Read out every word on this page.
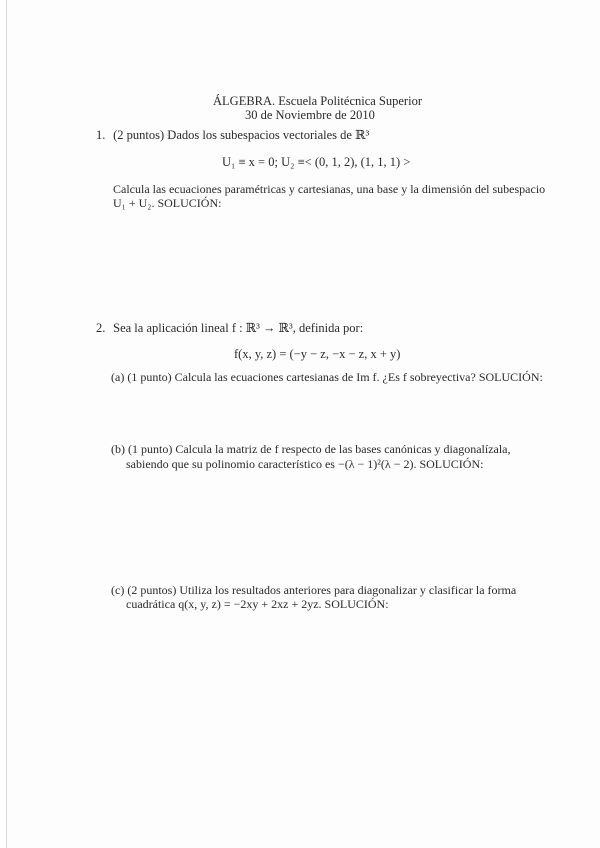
ÁLGEBRA. Escuela Politécnica Superior
30 de Noviembre de 2010
1. (2 puntos) Dados los subespacios vectoriales de ℝ³
U₁ ≡ x = 0; U₂ ≡< (0, 1, 2), (1, 1, 1) >
Calcula las ecuaciones paramétricas y cartesianas, una base y la dimensión del subespacio
U₁ + U₂. SOLUCIÓN:
2. Sea la aplicación lineal f : ℝ³ → ℝ³, definida por:
f(x, y, z) = (−y − z, −x − z, x + y)
(a) (1 punto) Calcula las ecuaciones cartesianas de Im f. ¿Es f sobreyectiva? SOLUCIÓN:
(b) (1 punto) Calcula la matriz de f respecto de las bases canónicas y diagonalízala,
sabiendo que su polinomio característico es −(λ − 1)²(λ − 2). SOLUCIÓN:
(c) (2 puntos) Utiliza los resultados anteriores para diagonalizar y clasificar la forma
cuadrática q(x, y, z) = −2xy + 2xz + 2yz. SOLUCIÓN:
